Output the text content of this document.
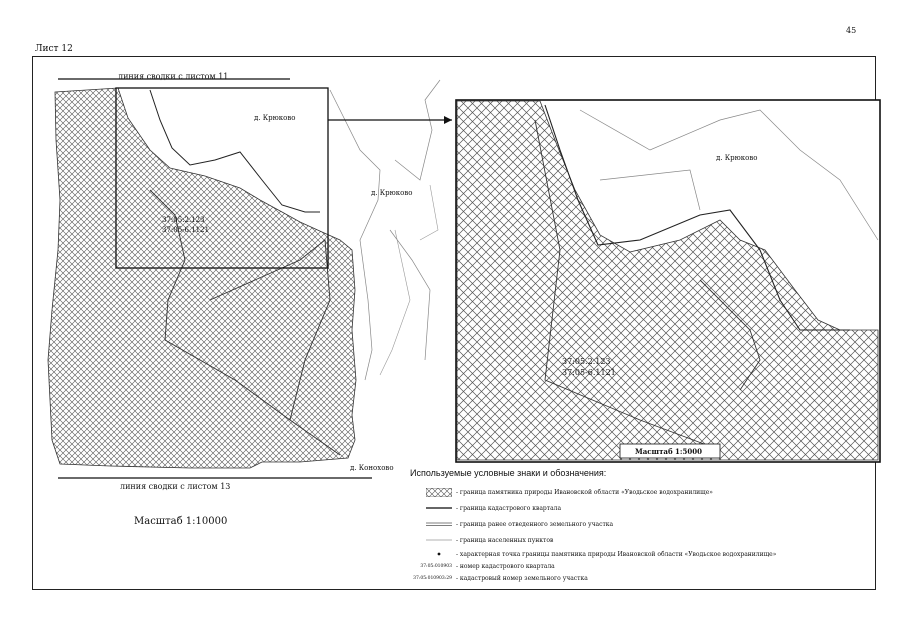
45
Лист 12
д. Крюково
д. Крюково
д. Конохово
37:05:2.123
37:05-6.1121
д. Крюково
37:05.2.123
37:05-6.1121
Масштаб 1:5000
линия сводки с листом 11
линия сводки с листом 13
Масштаб 1:10000
Используемые условные знаки и обозначения:
- граница памятника природы Ивановской области «Уводьское водохранилище»
- граница кадастрового квартала
- граница ранее отведенного земельного участка
- граница населенных пунктов
- характерная точка границы памятника природы Ивановской области «Уводьское водохранилище»
37:05:010903 - номер кадастрового квартала
37:05:010903:29 - кадастровый номер земельного участка
